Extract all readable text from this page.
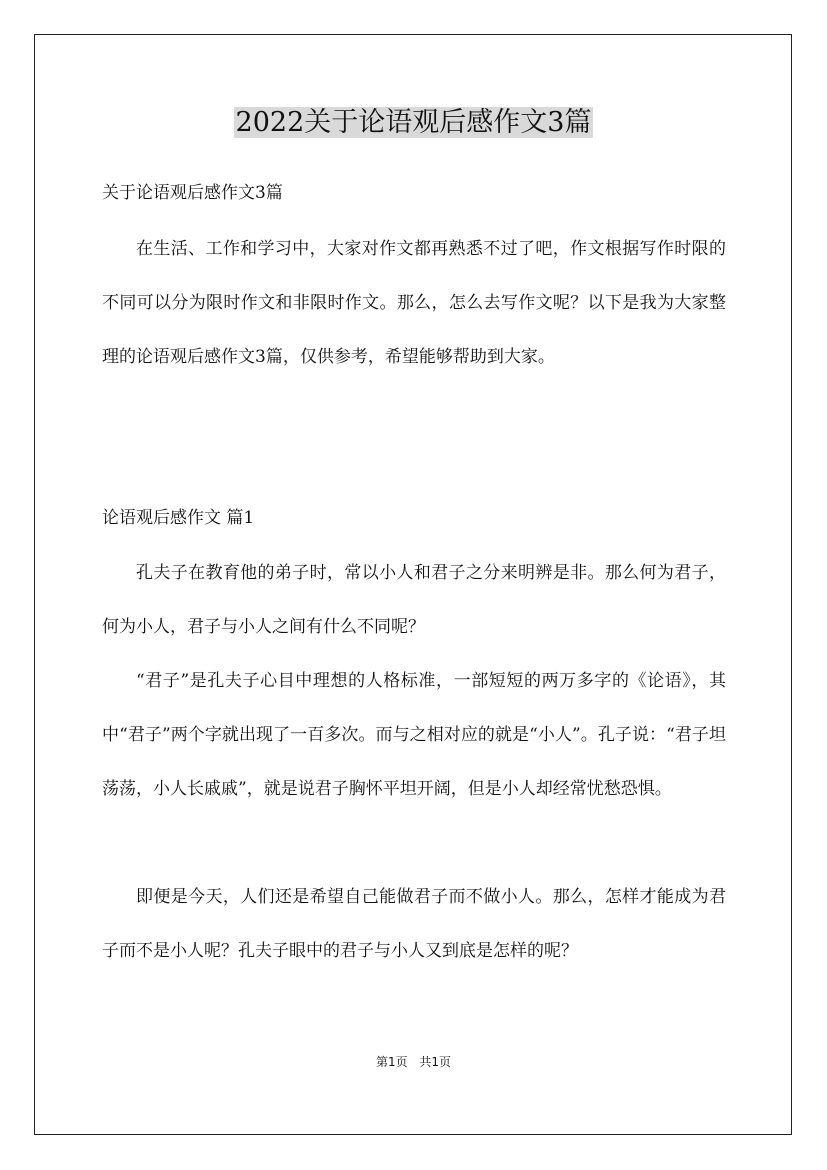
2022关于论语观后感作文3篇

关于论语观后感作文3篇

在生活、工作和学习中，大家对作文都再熟悉不过了吧，作文根据写作时限的不同可以分为限时作文和非限时作文。那么，怎么去写作文呢？以下是我为大家整理的论语观后感作文3篇，仅供参考，希望能够帮助到大家。

论语观后感作文 篇1

孔夫子在教育他的弟子时，常以小人和君子之分来明辨是非。那么何为君子，何为小人，君子与小人之间有什么不同呢？

“君子”是孔夫子心目中理想的人格标准，一部短短的两万多字的《论语》，其中“君子”两个字就出现了一百多次。而与之相对应的就是“小人”。孔子说：“君子坦荡荡，小人长戚戚”，就是说君子胸怀平坦开阔，但是小人却经常忧愁恐惧。

即便是今天，人们还是希望自己能做君子而不做小人。那么，怎样才能成为君子而不是小人呢？孔夫子眼中的君子与小人又到底是怎样的呢？

第1页 共1页
